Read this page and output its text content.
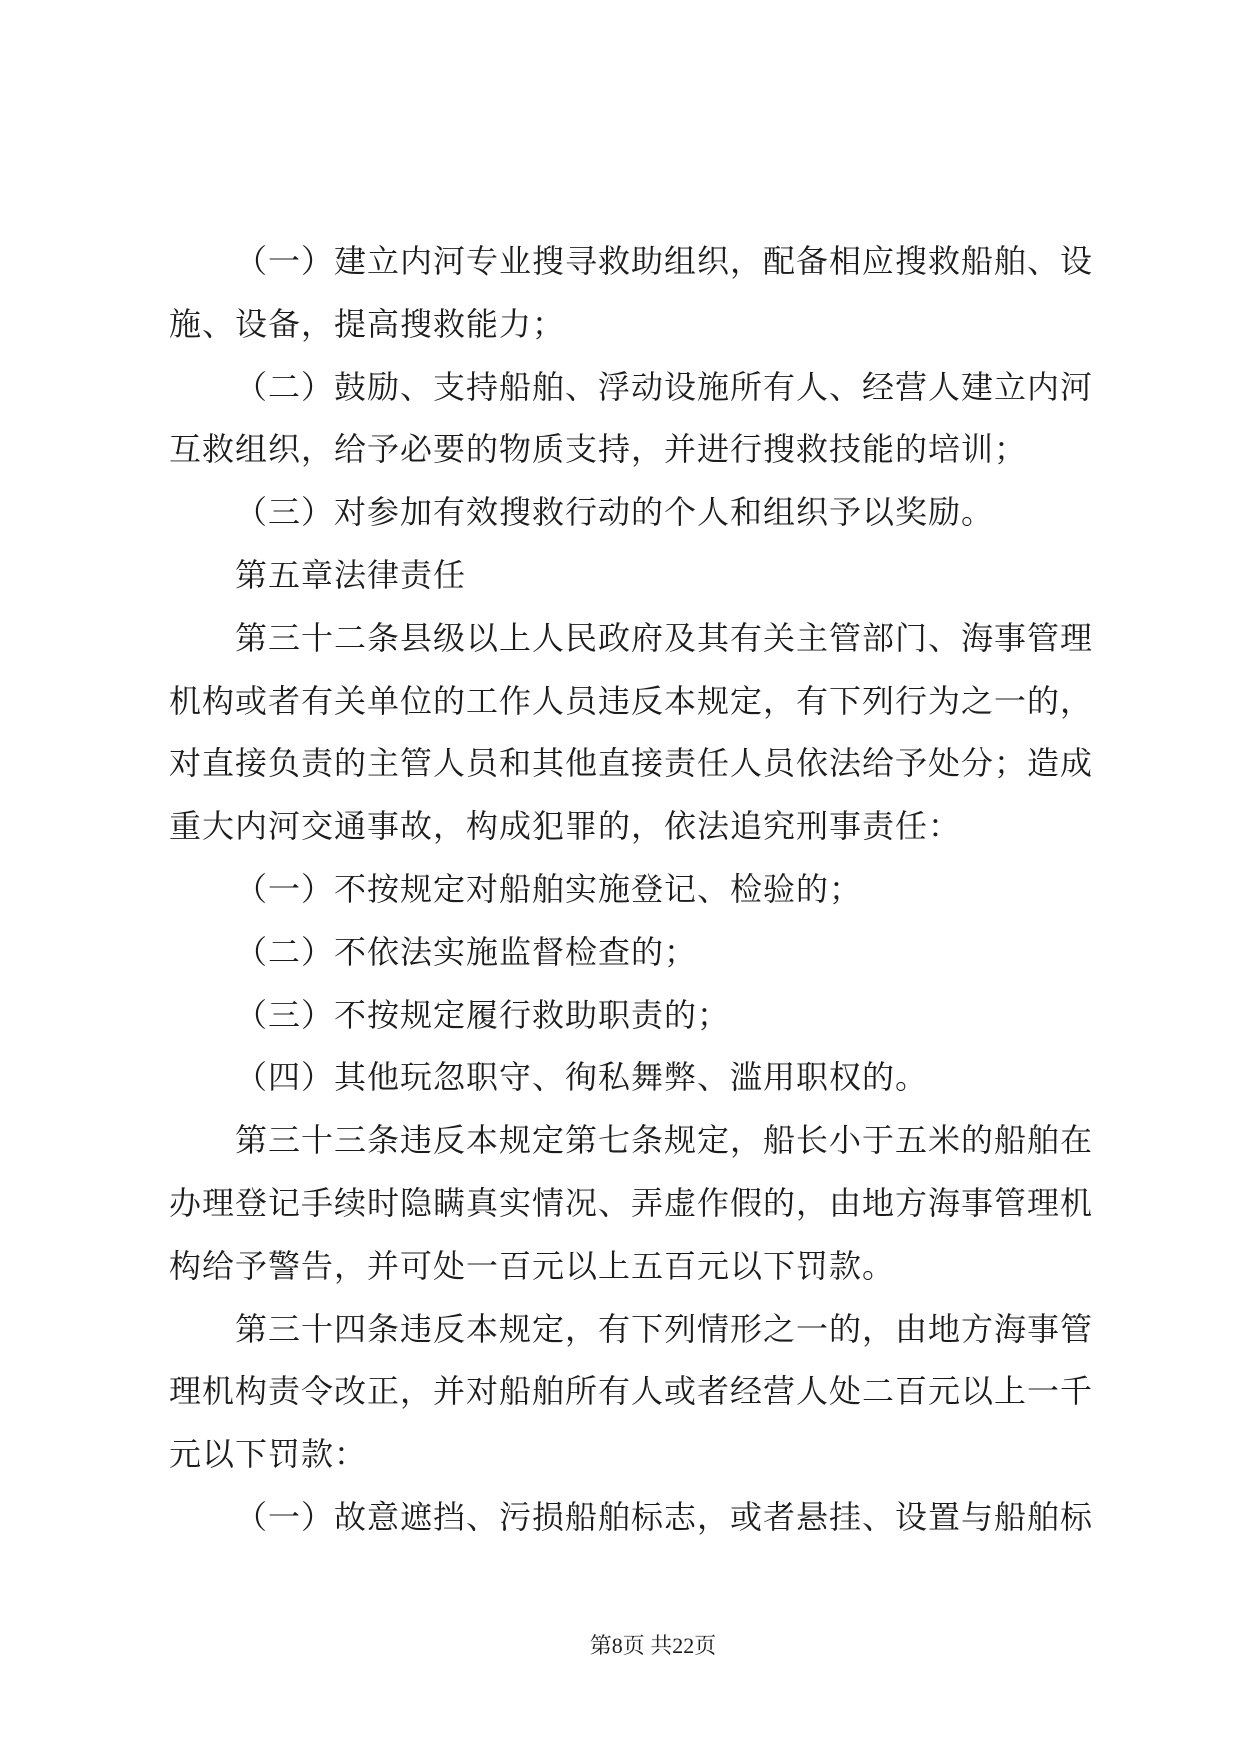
（一）建立内河专业搜寻救助组织，配备相应搜救船舶、设
施、设备，提高搜救能力；
（二）鼓励、支持船舶、浮动设施所有人、经营人建立内河
互救组织，给予必要的物质支持，并进行搜救技能的培训；
（三）对参加有效搜救行动的个人和组织予以奖励。
第五章法律责任
第三十二条县级以上人民政府及其有关主管部门、海事管理
机构或者有关单位的工作人员违反本规定，有下列行为之一的，
对直接负责的主管人员和其他直接责任人员依法给予处分；造成
重大内河交通事故，构成犯罪的，依法追究刑事责任：
（一）不按规定对船舶实施登记、检验的；
（二）不依法实施监督检查的；
（三）不按规定履行救助职责的；
（四）其他玩忽职守、徇私舞弊、滥用职权的。
第三十三条违反本规定第七条规定，船长小于五米的船舶在
办理登记手续时隐瞒真实情况、弄虚作假的，由地方海事管理机
构给予警告，并可处一百元以上五百元以下罚款。
第三十四条违反本规定，有下列情形之一的，由地方海事管
理机构责令改正，并对船舶所有人或者经营人处二百元以上一千
元以下罚款：
（一）故意遮挡、污损船舶标志，或者悬挂、设置与船舶标
第8页 共22页
